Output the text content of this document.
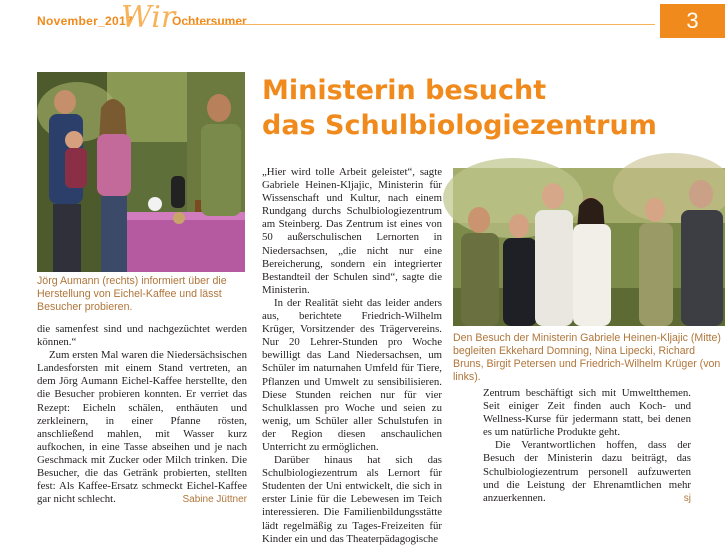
November_2017
Wir
Ochtersumer	3
Jörg Aumann (rechts) informiert über die Herstellung von Eichel-Kaffee und lässt Besucher probieren.
Ministerin besucht
das Schulbiologiezentrum
Den Besuch der Ministerin Gabriele Heinen-Kljajic (Mitte) begleiten Ekkehard Domning, Nina Lipecki, Richard Bruns, Birgit Petersen und Friedrich-Wilhelm Krüger (von links).

die samenfest sind und nachgezüchtet werden können.“

Zum ersten Mal waren die Niedersächsischen Landesforsten mit einem Stand vertreten, an dem Jörg Aumann Eichel-Kaffee herstellte, den die Besucher probieren konnten. Er verriet das Rezept: Eicheln schälen, enthäuten und zerkleinern, in einer Pfanne rösten, anschließend mahlen, mit Wasser kurz aufkochen, in eine Tasse abseihen und je nach Geschmack mit Zucker oder Milch trinken. Die Besucher, die das Getränk probierten, stellten fest: Als Kaffee-Ersatz schmeckt Eichel-Kaffee gar nicht schlecht.	Sabine Jüttner

„Hier wird tolle Arbeit geleistet“, sagte Gabriele Heinen-Kljajic, Ministerin für Wissenschaft und Kultur, nach einem Rundgang durchs Schulbiologiezentrum am Steinberg. Das Zentrum ist eines von 50 außerschulischen Lernorten in Niedersachsen, „die nicht nur eine Bereicherung, sondern ein integrierter Bestandteil der Schulen sind“, sagte die Ministerin.

In der Realität sieht das leider anders aus, berichtete Friedrich-Wilhelm Krüger, Vorsitzender des Trägervereins. Nur 20 Lehrer-Stunden pro Woche bewilligt das Land Niedersachsen, um Schüler im naturnahen Umfeld für Tiere, Pflanzen und Umwelt zu sensibilisieren. Diese Stunden reichen nur für vier Schulklassen pro Woche und seien zu wenig, um Schüler aller Schulstufen in der Region diesen anschaulichen Unterricht zu ermöglichen.

Darüber hinaus hat sich das Schulbiologiezentrum als Lernort für Studenten der Uni entwickelt, die sich in erster Linie für die Lebewesen im Teich interessieren. Die Familienbildungsstätte lädt regelmäßig zu Tages-Freizeiten für Kinder ein und das Theaterpädagogische

Zentrum beschäftigt sich mit Umweltthemen. Seit einiger Zeit finden auch Koch- und Wellness-Kurse für jedermann statt, bei denen es um natürliche Produkte geht.

Die Verantwortlichen hoffen, dass der Besuch der Ministerin dazu beiträgt, das Schulbiologiezentrum personell aufzuwerten und die Leistung der Ehrenamtlichen mehr anzuerkennen.	sj
